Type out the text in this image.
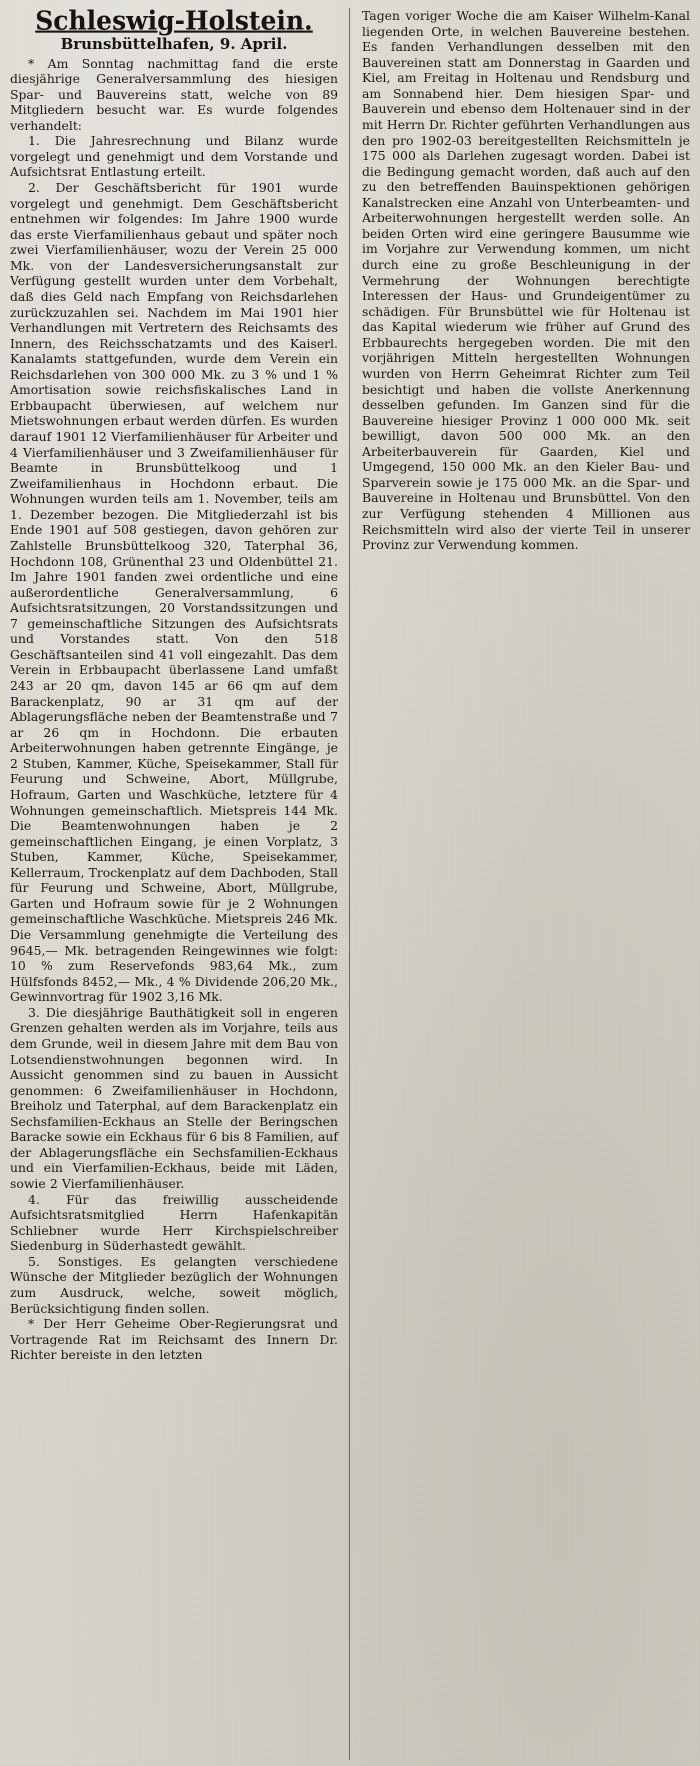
Schleswig-Holstein.
Brunsbüttelhafen, 9. April.

* Am Sonntag nachmittag fand die erste diesjährige Generalversammlung des hiesigen Spar- und Bauvereins statt, welche von 89 Mitgliedern besucht war. Es wurde folgendes verhandelt:

1. Die Jahresrechnung und Bilanz wurde vorgelegt und genehmigt und dem Vorstande und Aufsichtsrat Entlastung erteilt.

2. Der Geschäftsbericht für 1901 wurde vorgelegt und genehmigt. Dem Geschäftsbericht entnehmen wir folgendes: Im Jahre 1900 wurde das erste Vierfamilienhaus gebaut und später noch zwei Vierfamilienhäuser, wozu der Verein 25 000 Mk. von der Landesversicherungsanstalt zur Verfügung gestellt wurden unter dem Vorbehalt, daß dies Geld nach Empfang von Reichsdarlehen zurückzuzahlen sei. Nachdem im Mai 1901 hier Verhandlungen mit Vertretern des Reichsamts des Innern, des Reichsschatzamts und des Kaiserl. Kanalamts stattgefunden, wurde dem Verein ein Reichsdarlehen von 300 000 Mk. zu 3 % und 1 % Amortisation sowie reichsfiskalisches Land in Erbbaupacht überwiesen, auf welchem nur Mietswohnungen erbaut werden dürfen. Es wurden darauf 1901 12 Vierfamilienhäuser für Arbeiter und 4 Vierfamilienhäuser und 3 Zweifamilienhäuser für Beamte in Brunsbüttelkoog und 1 Zweifamilienhaus in Hochdonn erbaut. Die Wohnungen wurden teils am 1. November, teils am 1. Dezember bezogen. Die Mitgliederzahl ist bis Ende 1901 auf 508 gestiegen, davon gehören zur Zahlstelle Brunsbüttelkoog 320, Taterphal 36, Hochdonn 108, Grünenthal 23 und Oldenbüttel 21. Im Jahre 1901 fanden zwei ordentliche und eine außerordentliche Generalversammlung, 6 Aufsichtsratsitzungen, 20 Vorstandssitzungen und 7 gemeinschaftliche Sitzungen des Aufsichtsrats und Vorstandes statt. Von den 518 Geschäftsanteilen sind 41 voll eingezahlt. Das dem Verein in Erbbaupacht überlassene Land umfaßt 243 ar 20 qm, davon 145 ar 66 qm auf dem Barackenplatz, 90 ar 31 qm auf der Ablagerungsfläche neben der Beamtenstraße und 7 ar 26 qm in Hochdonn. Die erbauten Arbeiterwohnungen haben getrennte Eingänge, je 2 Stuben, Kammer, Küche, Speisekammer, Stall für Feurung und Schweine, Abort, Müllgrube, Hofraum, Garten und Waschküche, letztere für 4 Wohnungen gemeinschaftlich. Mietspreis 144 Mk. Die Beamtenwohnungen haben je 2 gemeinschaftlichen Eingang, je einen Vorplatz, 3 Stuben, Kammer, Küche, Speisekammer, Kellerraum, Trockenplatz auf dem Dachboden, Stall für Feurung und Schweine, Abort, Müllgrube, Garten und Hofraum sowie für je 2 Wohnungen gemeinschaftliche Waschküche. Mietspreis 246 Mk. Die Versammlung genehmigte die Verteilung des 9645,— Mk. betragenden Reingewinnes wie folgt: 10 % zum Reservefonds 983,64 Mk., zum Hülfsfonds 8452,— Mk., 4 % Dividende 206,20 Mk., Gewinnvortrag für 1902 3,16 Mk.

3. Die diesjährige Bauthätigkeit soll in engeren Grenzen gehalten werden als im Vorjahre, teils aus dem Grunde, weil in diesem Jahre mit dem Bau von Lotsendienstwohnungen begonnen wird. In Aussicht genommen sind zu bauen in Aussicht genommen: 6 Zweifamilienhäuser in Hochdonn, Breiholz und Taterphal, auf dem Barackenplatz ein Sechsfamilien-Eckhaus an Stelle der Beringschen Baracke sowie ein Eckhaus für 6 bis 8 Familien, auf der Ablagerungsfläche ein Sechsfamilien-Eckhaus und ein Vierfamilien-Eckhaus, beide mit Läden, sowie 2 Vierfamilienhäuser.

4. Für das freiwillig ausscheidende Aufsichtsratsmitglied Herrn Hafenkapitän Schliebner wurde Herr Kirchspielschreiber Siedenburg in Süderhastedt gewählt.

5. Sonstiges. Es gelangten verschiedene Wünsche der Mitglieder bezüglich der Wohnungen zum Ausdruck, welche, soweit möglich, Berücksichtigung finden sollen.

* Der Herr Geheime Ober-Regierungsrat und Vortragende Rat im Reichsamt des Innern Dr. Richter bereiste in den letzten

Tagen voriger Woche die am Kaiser Wilhelm-Kanal liegenden Orte, in welchen Bauvereine bestehen. Es fanden Verhandlungen desselben mit den Bauvereinen statt am Donnerstag in Gaarden und Kiel, am Freitag in Holtenau und Rendsburg und am Sonnabend hier. Dem hiesigen Spar- und Bauverein und ebenso dem Holtenauer sind in der mit Herrn Dr. Richter geführten Verhandlungen aus den pro 1902-03 bereitgestellten Reichsmitteln je 175 000 als Darlehen zugesagt worden. Dabei ist die Bedingung gemacht worden, daß auch auf den zu den betreffenden Bauinspektionen gehörigen Kanalstrecken eine Anzahl von Unterbeamten- und Arbeiterwohnungen hergestellt werden solle. An beiden Orten wird eine geringere Bausumme wie im Vorjahre zur Verwendung kommen, um nicht durch eine zu große Beschleunigung in der Vermehrung der Wohnungen berechtigte Interessen der Haus- und Grundeigentümer zu schädigen. Für Brunsbüttel wie für Holtenau ist das Kapital wiederum wie früher auf Grund des Erbbaurechts hergegeben worden. Die mit den vorjährigen Mitteln hergestellten Wohnungen wurden von Herrn Geheimrat Richter zum Teil besichtigt und haben die vollste Anerkennung desselben gefunden. Im Ganzen sind für die Bauvereine hiesiger Provinz 1 000 000 Mk. seit bewilligt, davon 500 000 Mk. an den Arbeiterbauverein für Gaarden, Kiel und Umgegend, 150 000 Mk. an den Kieler Bau- und Sparverein sowie je 175 000 Mk. an die Spar- und Bauvereine in Holtenau und Brunsbüttel. Von den zur Verfügung stehenden 4 Millionen aus Reichsmitteln wird also der vierte Teil in unserer Provinz zur Verwendung kommen.
